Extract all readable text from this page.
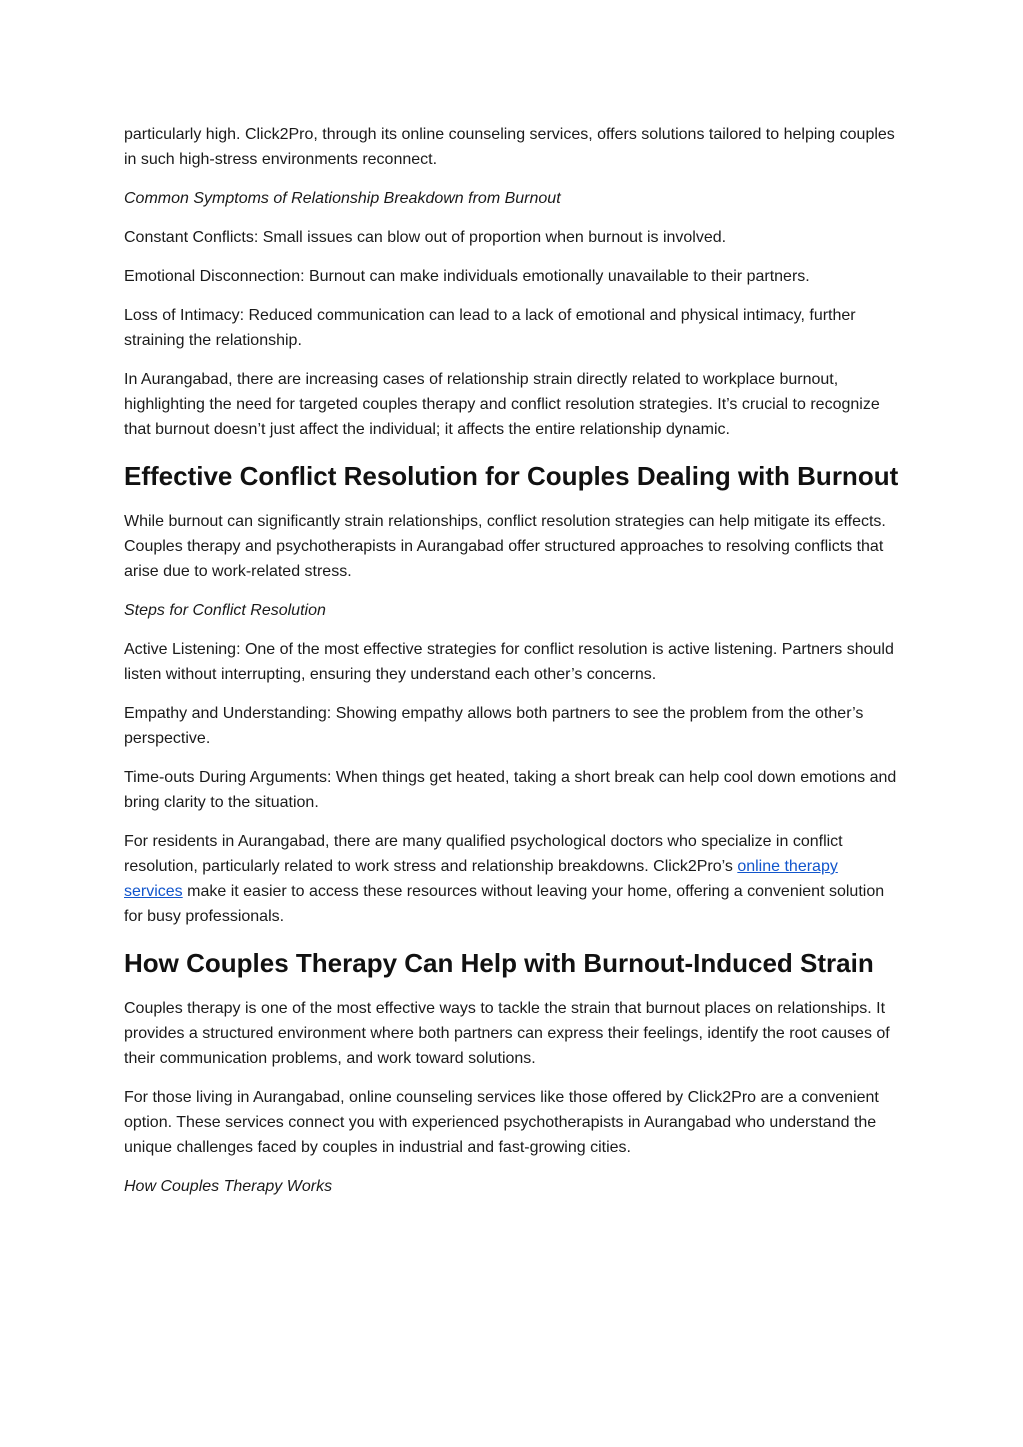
particularly high. Click2Pro, through its online counseling services, offers solutions tailored to helping couples in such high-stress environments reconnect.

Common Symptoms of Relationship Breakdown from Burnout

Constant Conflicts: Small issues can blow out of proportion when burnout is involved.

Emotional Disconnection: Burnout can make individuals emotionally unavailable to their partners.

Loss of Intimacy: Reduced communication can lead to a lack of emotional and physical intimacy, further straining the relationship.

In Aurangabad, there are increasing cases of relationship strain directly related to workplace burnout, highlighting the need for targeted couples therapy and conflict resolution strategies. It’s crucial to recognize that burnout doesn’t just affect the individual; it affects the entire relationship dynamic.

Effective Conflict Resolution for Couples Dealing with Burnout

While burnout can significantly strain relationships, conflict resolution strategies can help mitigate its effects. Couples therapy and psychotherapists in Aurangabad offer structured approaches to resolving conflicts that arise due to work-related stress.

Steps for Conflict Resolution

Active Listening: One of the most effective strategies for conflict resolution is active listening. Partners should listen without interrupting, ensuring they understand each other’s concerns.

Empathy and Understanding: Showing empathy allows both partners to see the problem from the other’s perspective.

Time-outs During Arguments: When things get heated, taking a short break can help cool down emotions and bring clarity to the situation.

For residents in Aurangabad, there are many qualified psychological doctors who specialize in conflict resolution, particularly related to work stress and relationship breakdowns. Click2Pro’s online therapy services make it easier to access these resources without leaving your home, offering a convenient solution for busy professionals.

How Couples Therapy Can Help with Burnout-Induced Strain

Couples therapy is one of the most effective ways to tackle the strain that burnout places on relationships. It provides a structured environment where both partners can express their feelings, identify the root causes of their communication problems, and work toward solutions.

For those living in Aurangabad, online counseling services like those offered by Click2Pro are a convenient option. These services connect you with experienced psychotherapists in Aurangabad who understand the unique challenges faced by couples in industrial and fast-growing cities.

How Couples Therapy Works
